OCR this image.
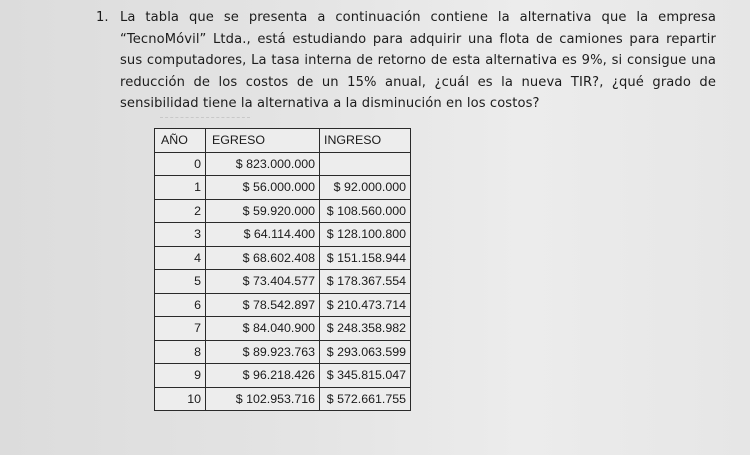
1. La tabla que se presenta a continuación contiene la alternativa que la empresa “TecnoMóvil” Ltda., está estudiando para adquirir una flota de camiones para repartir sus computadores, La tasa interna de retorno de esta alternativa es 9%, si consigue una reducción de los costos de un 15% anual, ¿cuál es la nueva TIR?, ¿qué grado de sensibilidad tiene la alternativa a la disminución en los costos?
AÑO	EGRESO	INGRESO
0	$ 823.000.000	
1	$ 56.000.000	$ 92.000.000
2	$ 59.920.000	$ 108.560.000
3	$ 64.114.400	$ 128.100.800
4	$ 68.602.408	$ 151.158.944
5	$ 73.404.577	$ 178.367.554
6	$ 78.542.897	$ 210.473.714
7	$ 84.040.900	$ 248.358.982
8	$ 89.923.763	$ 293.063.599
9	$ 96.218.426	$ 345.815.047
10	$ 102.953.716	$ 572.661.755
